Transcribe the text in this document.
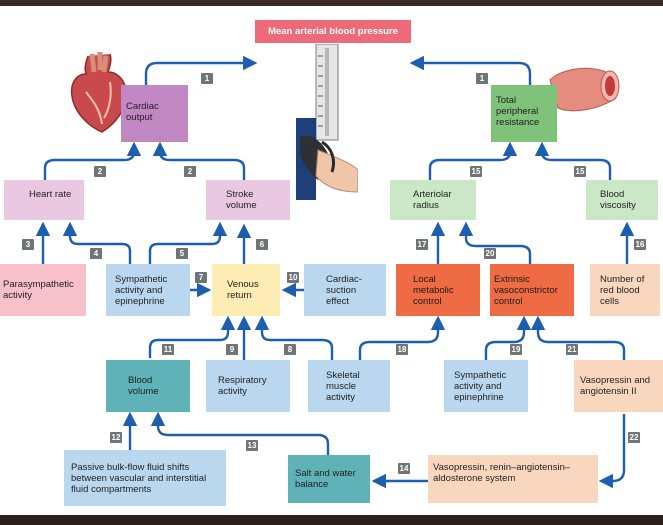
Mean arterial blood pressure
Cardiac output
Total peripheral resistance
Heart rate	Stroke volume
Arteriolar radius
Blood viscosity
Parasympathetic activity
Sympathetic activity and epinephrine
Venous return
Cardiac-suction effect
Local metabolic control
Extrinsic vasoconstrictor control
Number of red blood cells
Blood volume
Respiratory activity
Skeletal muscle activity
Sympathetic activity and epinephrine
Vasopressin and angiotensin II
Passive bulk-flow fluid shifts between vascular and interstitial fluid compartments
Salt and water balance
Vasopressin, renin–angiotensin–aldosterone system
1	1
2	2
3
4	5
6
7	10
8
9
11
12
13
14
15	15
16
17
18	19
20
21
22
